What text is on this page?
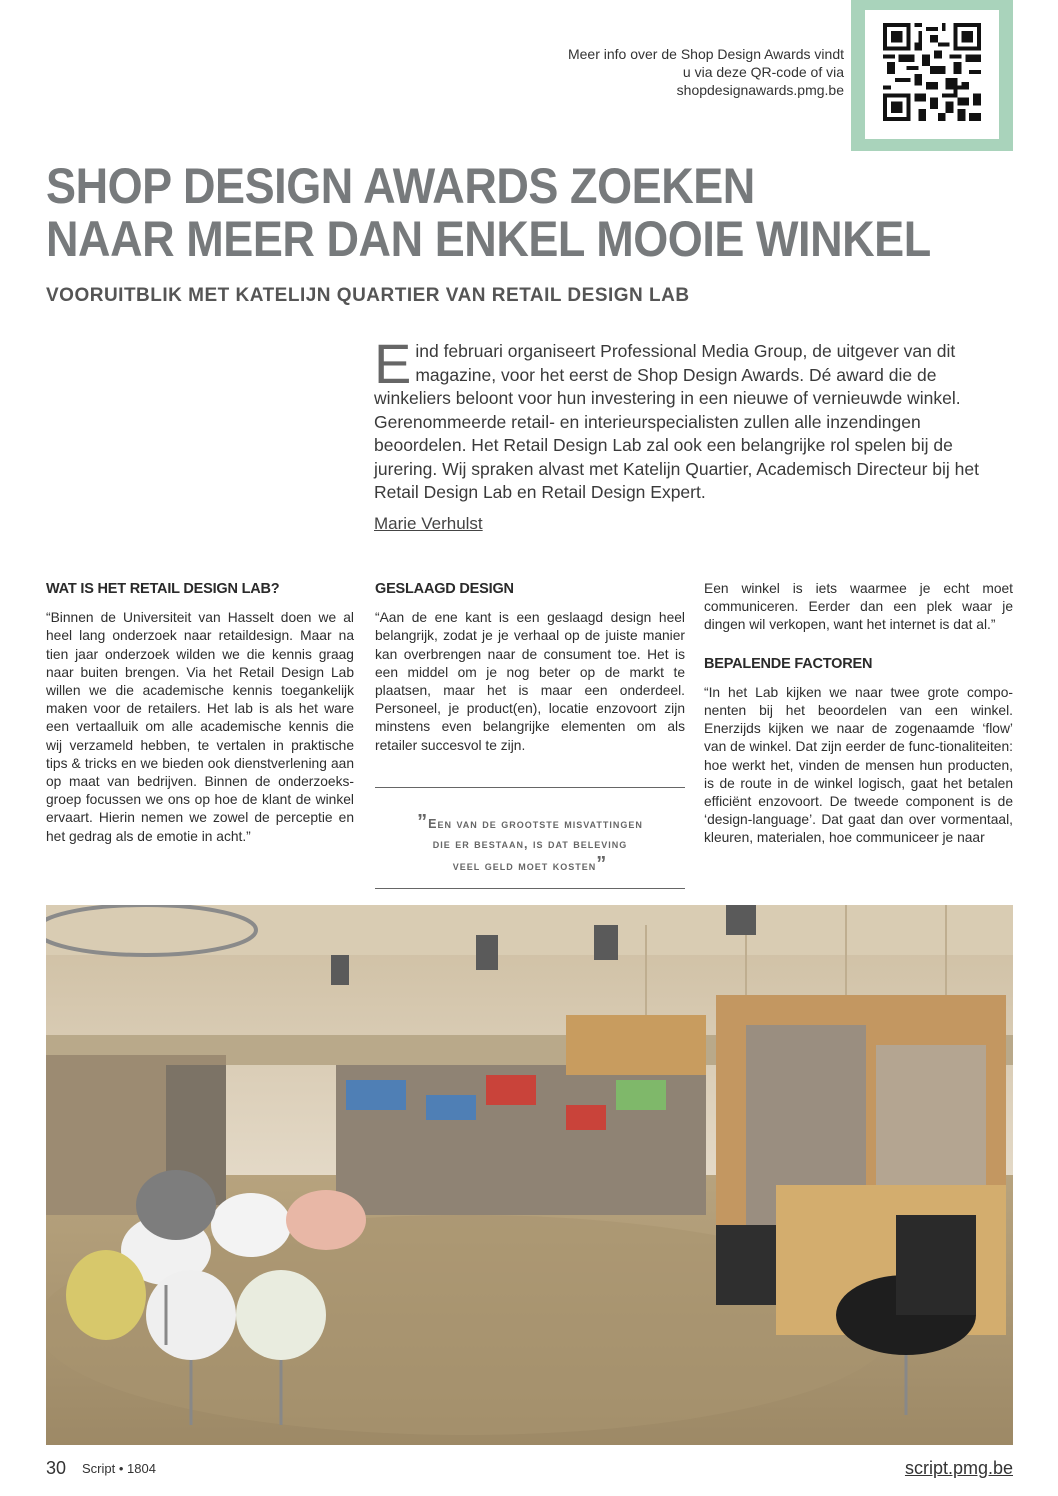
Meer info over de Shop Design Awards vindt
u via deze QR-code of via
shopdesignawards.pmg.be
SHOP DESIGN AWARDS ZOEKEN
NAAR MEER DAN ENKEL MOOIE WINKEL
VOORUITBLIK MET KATELIJN QUARTIER VAN RETAIL DESIGN LAB
Eind februari organiseert Professional Media Group, de uitgever van dit magazine, voor het eerst de Shop Design Awards. Dé award die de winkeliers beloont voor hun investering in een nieuwe of vernieuwde winkel. Gerenommeerde retail- en interieurspecialisten zullen alle inzendingen beoordelen. Het Retail Design Lab zal ook een belangrijke rol spelen bij de jurering. Wij spraken alvast met Katelijn Quartier, Academisch Directeur bij het Retail Design Lab en Retail Design Expert.
Marie Verhulst
WAT IS HET RETAIL DESIGN LAB?

“Binnen de Universiteit van Hasselt doen we al heel lang onderzoek naar retaildesign. Maar na tien jaar onderzoek wilden we die kennis graag naar buiten brengen. Via het Retail Design Lab willen we die academische kennis toegankelijk maken voor de retailers. Het lab is als het ware een vertaalluik om alle academische kennis die wij verzameld hebben, te vertalen in praktische tips & tricks en we bieden ook dienstverlening aan op maat van bedrijven. Binnen de onderzoeks-groep focussen we ons op hoe de klant de winkel ervaart. Hierin nemen we zowel de perceptie en het gedrag als de emotie in acht.”

GESLAAGD DESIGN

“Aan de ene kant is een geslaagd design heel belangrijk, zodat je je verhaal op de juiste manier kan overbrengen naar de consument toe. Het is een middel om je nog beter op de markt te plaatsen, maar het is maar een onderdeel. Personeel, je product(en), locatie enzovoort zijn minstens even belangrijke elementen om als retailer succesvol te zijn.

”Een van de grootste misvattingen
die er bestaan, is dat beleving
veel geld moet kosten”

Een winkel is iets waarmee je echt moet communiceren. Eerder dan een plek waar je dingen wil verkopen, want het internet is dat al.”

BEPALENDE FACTOREN

“In het Lab kijken we naar twee grote compo-nenten bij het beoordelen van een winkel. Enerzijds kijken we naar de zogenaamde ‘flow’ van de winkel. Dat zijn eerder de func-tionaliteiten: hoe werkt het, vinden de mensen hun producten, is de route in de winkel logisch, gaat het betalen efficiënt enzovoort. De tweede component is de ‘design-language’. Dat gaat dan over vormentaal, kleuren, materialen, hoe communiceer je naar

30 Script • 1804	script.pmg.be
